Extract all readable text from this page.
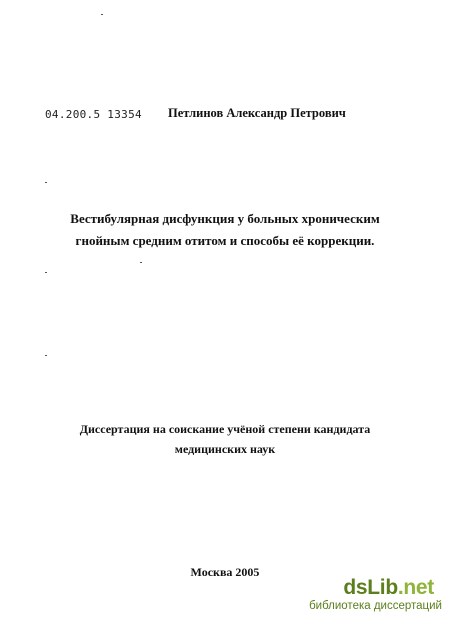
04.200.5 13354 Петлинов Александр Петрович
Вестибулярная дисфункция у больных хроническим
гнойным средним отитом и способы её коррекции.
Диссертация на соискание учёной степени кандидата
медицинских наук
Москва 2005
dsLib.net
библиотека диссертаций
